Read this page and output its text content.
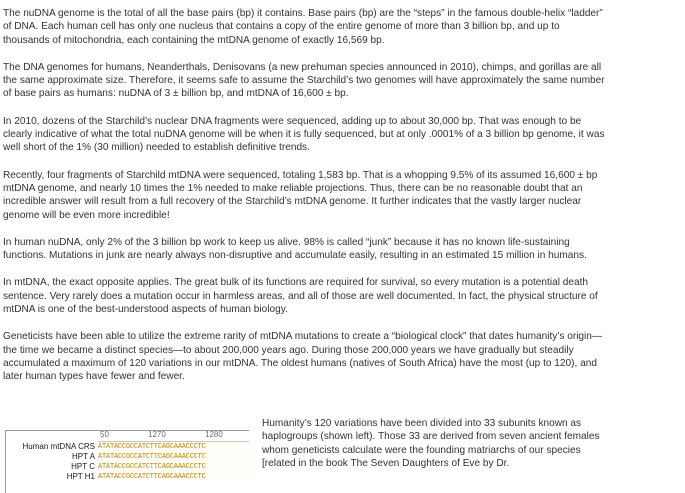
The nuDNA genome is the total of all the base pairs (bp) it contains. Base pairs (bp) are the “steps” in the famous double-helix “ladder” of DNA. Each human cell has only one nucleus that contains a copy of the entire genome of more than 3 billion bp, and up to thousands of mitochondria, each containing the mtDNA genome of exactly 16,569 bp.

The DNA genomes for humans, Neanderthals, Denisovans (a new prehuman species announced in 2010), chimps, and gorillas are all the same approximate size. Therefore, it seems safe to assume the Starchild’s two genomes will have approximately the same number of base pairs as humans: nuDNA of 3 ± billion bp, and mtDNA of 16,600 ± bp.

In 2010, dozens of the Starchild’s nuclear DNA fragments were sequenced, adding up to about 30,000 bp. That was enough to be clearly indicative of what the total nuDNA genome will be when it is fully sequenced, but at only .0001% of a 3 billion bp genome, it was well short of the 1% (30 million) needed to establish definitive trends.

Recently, four fragments of Starchild mtDNA were sequenced, totaling 1,583 bp. That is a whopping 9.5% of its assumed 16,600 ± bp mtDNA genome, and nearly 10 times the 1% needed to make reliable projections. Thus, there can be no reasonable doubt that an incredible answer will result from a full recovery of the Starchild’s mtDNA genome. It further indicates that the vastly larger nuclear genome will be even more incredible!

In human nuDNA, only 2% of the 3 billion bp work to keep us alive. 98% is called “junk” because it has no known life-sustaining functions. Mutations in junk are nearly always non-disruptive and accumulate easily, resulting in an estimated 15 million in humans.

In mtDNA, the exact opposite applies. The great bulk of its functions are required for survival, so every mutation is a potential death sentence. Very rarely does a mutation occur in harmless areas, and all of those are well documented. In fact, the physical structure of mtDNA is one of the best-understood aspects of human biology.

Geneticists have been able to utilize the extreme rarity of mtDNA mutations to create a “biological clock” that dates humanity’s origin—the time we became a distinct species—to about 200,000 years ago. During those 200,000 years we have gradually but steadily accumulated a maximum of 120 variations in our mtDNA. The oldest humans (natives of South Africa) have the most (up to 120), and later human types have fewer and fewer.

50	1270	1280
Human mtDNA CRS ATATACCGCCATCTTCAGCAAACCCTC
HPT A ATATACCGCCATCTTCAGCAAACCCTC
HPT C ATATACCGCCATCTTCAGCAAACCCTC
HPT H1 ATATACCGCCATCTTCAGCAAACCCTC

Humanity’s 120 variations have been divided into 33 subunits known as haplogroups (shown left). Those 33 are derived from seven ancient females whom geneticists calculate were the founding matriarchs of our species [related in the book The Seven Daughters of Eve by Dr.
